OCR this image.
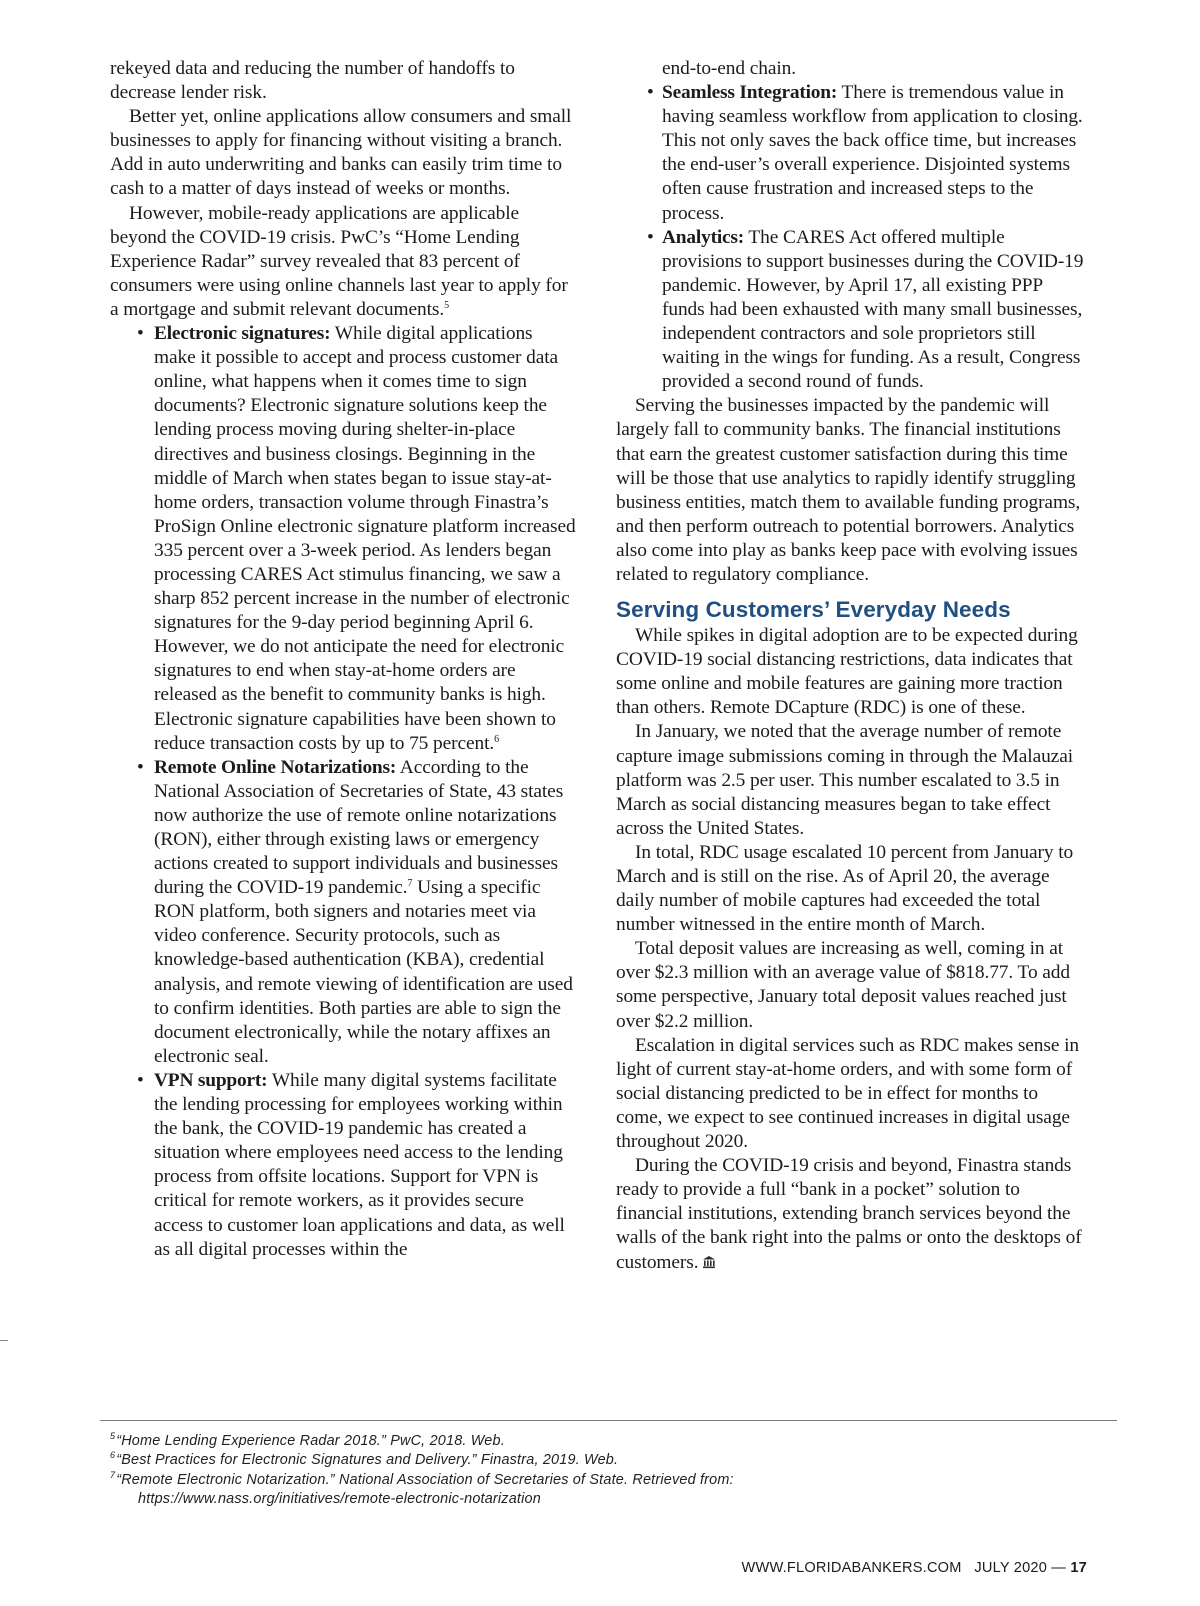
rekeyed data and reducing the number of handoffs to decrease lender risk.

Better yet, online applications allow consumers and small businesses to apply for financing without visiting a branch. Add in auto underwriting and banks can easily trim time to cash to a matter of days instead of weeks or months.

However, mobile-ready applications are applicable beyond the COVID-19 crisis. PwC’s “Home Lending Experience Radar” survey revealed that 83 percent of consumers were using online channels last year to apply for a mortgage and submit relevant documents.$^5$

• Electronic signatures: While digital applications make it possible to accept and process customer data online, what happens when it comes time to sign documents? Electronic signature solutions keep the lending process moving during shelter-in-place directives and business closings. Beginning in the middle of March when states began to issue stay-at-home orders, transaction volume through Finastra’s ProSign Online electronic signature platform increased 335 percent over a 3-week period. As lenders began processing CARES Act stimulus financing, we saw a sharp 852 percent increase in the number of electronic signatures for the 9-day period beginning April 6.
However, we do not anticipate the need for electronic signatures to end when stay-at-home orders are released as the benefit to community banks is high. Electronic signature capabilities have been shown to reduce transaction costs by up to 75 percent.$^6$
• Remote Online Notarizations: According to the National Association of Secretaries of State, 43 states now authorize the use of remote online notarizations (RON), either through existing laws or emergency actions created to support individuals and businesses during the COVID-19 pandemic.$^7$ Using a specific RON platform, both signers and notaries meet via video conference. Security protocols, such as knowledge-based authentication (KBA), credential analysis, and remote viewing of identification are used to confirm identities. Both parties are able to sign the document electronically, while the notary affixes an electronic seal.
• VPN support: While many digital systems facilitate the lending processing for employees working within the bank, the COVID-19 pandemic has created a situation where employees need access to the lending process from offsite locations. Support for VPN is critical for remote workers, as it provides secure access to customer loan applications and data, as well as all digital processes within the

end-to-end chain.

• Seamless Integration: There is tremendous value in having seamless workflow from application to closing. This not only saves the back office time, but increases the end-user’s overall experience. Disjointed systems often cause frustration and increased steps to the process.
• Analytics: The CARES Act offered multiple provisions to support businesses during the COVID-19 pandemic. However, by April 17, all existing PPP funds had been exhausted with many small businesses, independent contractors and sole proprietors still waiting in the wings for funding. As a result, Congress provided a second round of funds.

Serving the businesses impacted by the pandemic will largely fall to community banks. The financial institutions that earn the greatest customer satisfaction during this time will be those that use analytics to rapidly identify struggling business entities, match them to available funding programs, and then perform outreach to potential borrowers. Analytics also come into play as banks keep pace with evolving issues related to regulatory compliance.

Serving Customers’ Everyday Needs

While spikes in digital adoption are to be expected during COVID-19 social distancing restrictions, data indicates that some online and mobile features are gaining more traction than others. Remote DCapture (RDC) is one of these.

In January, we noted that the average number of remote capture image submissions coming in through the Malauzai platform was 2.5 per user. This number escalated to 3.5 in March as social distancing measures began to take effect across the United States.

In total, RDC usage escalated 10 percent from January to March and is still on the rise. As of April 20, the average daily number of mobile captures had exceeded the total number witnessed in the entire month of March.

Total deposit values are increasing as well, coming in at over $2.3 million with an average value of $818.77. To add some perspective, January total deposit values reached just over $2.2 million.

Escalation in digital services such as RDC makes sense in light of current stay-at-home orders, and with some form of social distancing predicted to be in effect for months to come, we expect to see continued increases in digital usage throughout 2020.

During the COVID-19 crisis and beyond, Finastra stands ready to provide a full “bank in a pocket” solution to financial institutions, extending branch services beyond the walls of the bank right into the palms or onto the desktops of customers.

$^5$“Home Lending Experience Radar 2018.” PwC, 2018. Web.
$^6$“Best Practices for Electronic Signatures and Delivery.” Finastra, 2019. Web.
$^7$“Remote Electronic Notarization.” National Association of Secretaries of State. Retrieved from:
https://www.nass.org/initiatives/remote-electronic-notarization
WWW.FLORIDABANKERS.COM JULY 2020 — 17
